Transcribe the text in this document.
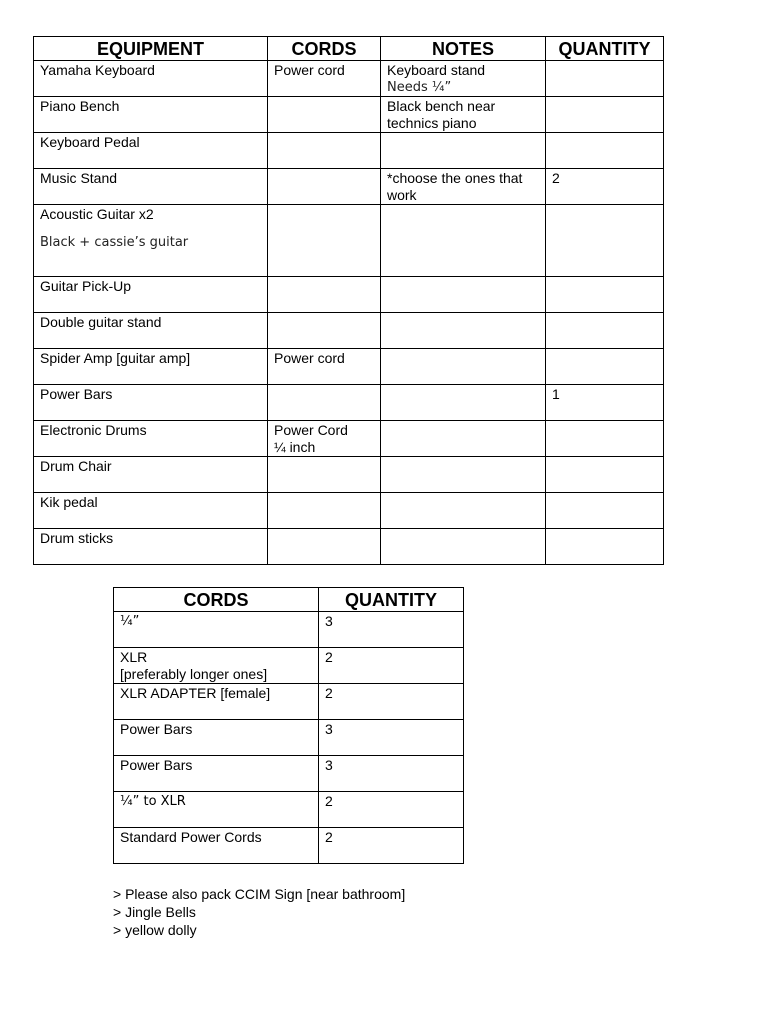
EQUIPMENT	CORDS	NOTES	QUANTITY
Yamaha Keyboard	Power cord	Keyboard stand
Needs ¼”	

Piano Bench		Black bench near technics piano	
Keyboard Pedal			
Music Stand		*choose the ones that work	2
Acoustic Guitar x2
Black + cassie’s guitar			

Guitar Pick-Up			
Double guitar stand			
Spider Amp [guitar amp]	Power cord		
Power Bars			1
Electronic Drums	Power Cord
¼ inch		

Drum Chair			
Kik pedal			
Drum sticks			
CORDS	QUANTITY
¼”	3
XLR
[preferably longer ones]	2
XLR ADAPTER [female]	2
Power Bars	3
Power Bars	3
¼” to XLR	2
Standard Power Cords	2
> Please also pack CCIM Sign [near bathroom]
> Jingle Bells
> yellow dolly
